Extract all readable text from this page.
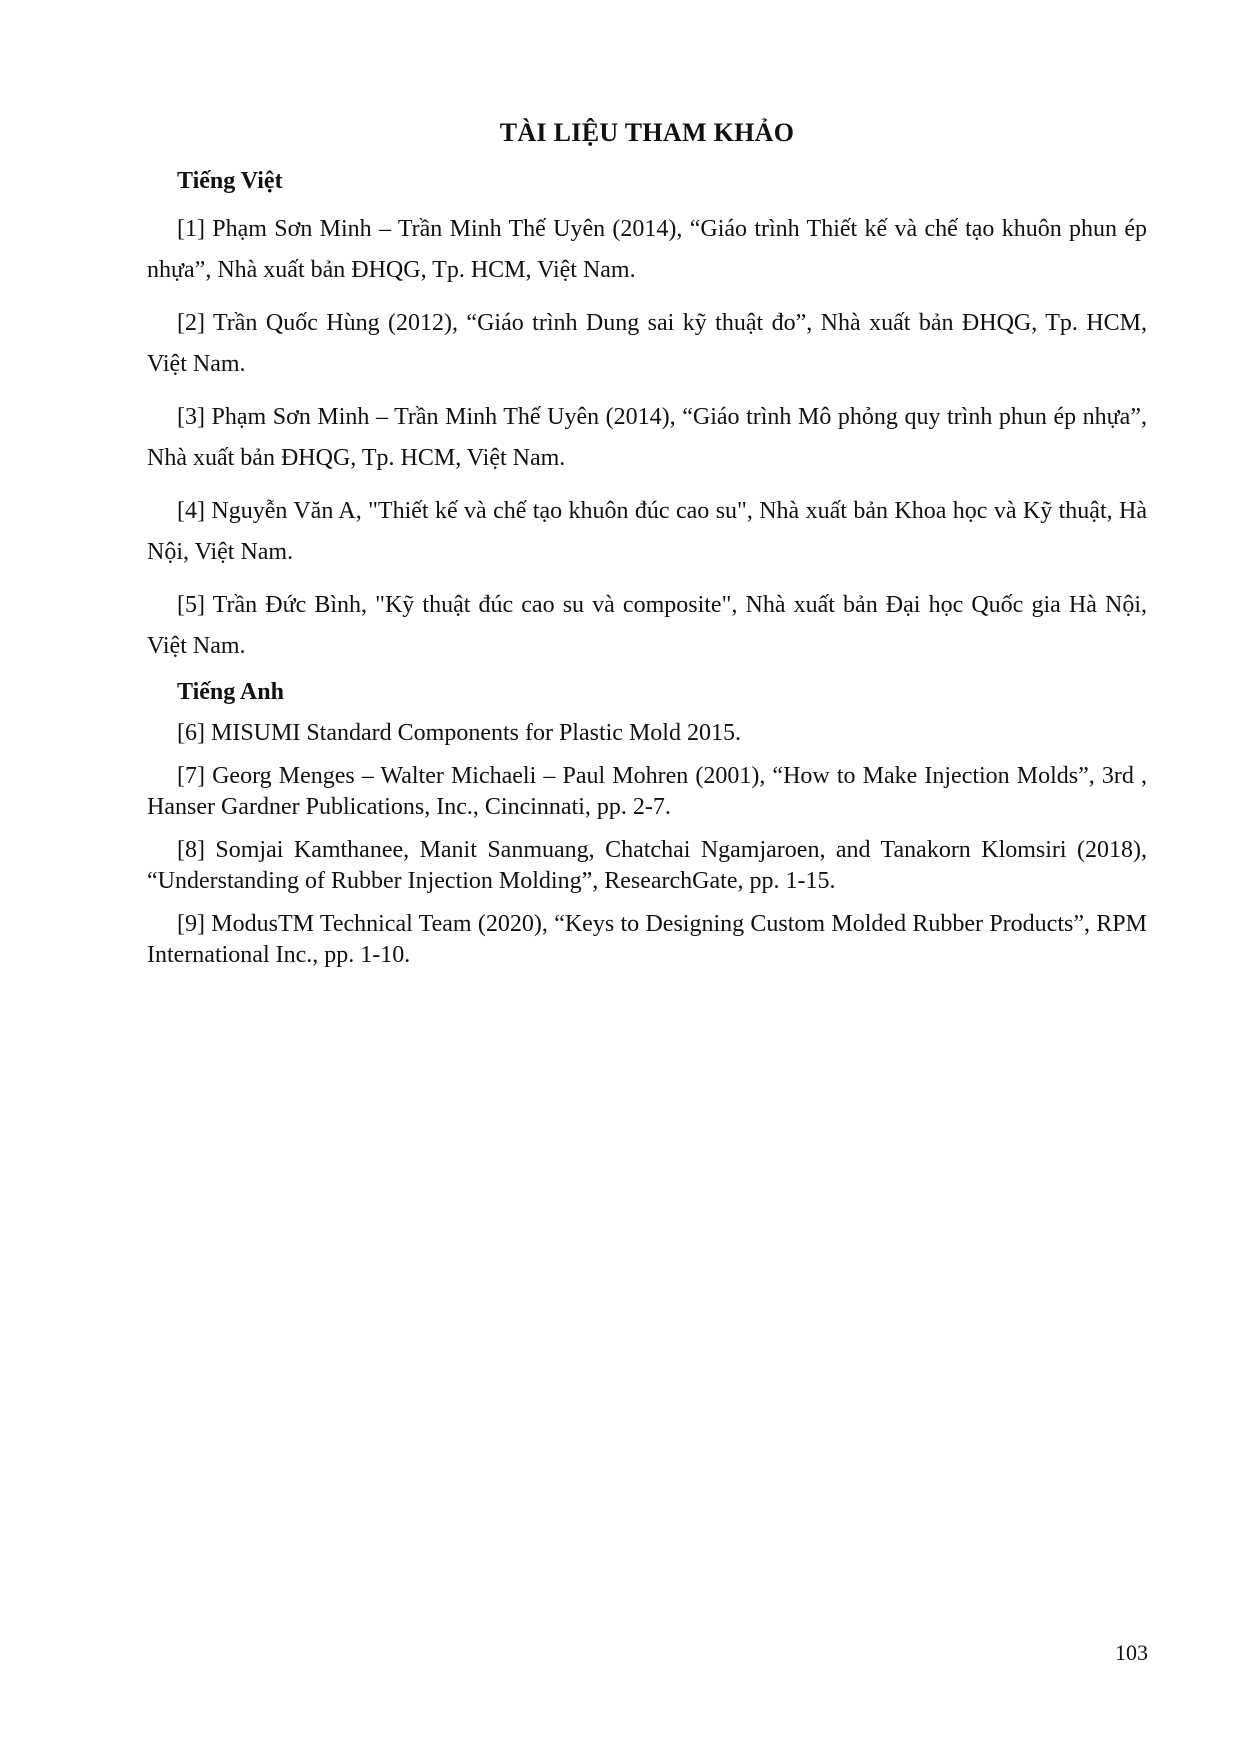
TÀI LIỆU THAM KHẢO
Tiếng Việt

[1] Phạm Sơn Minh – Trần Minh Thế Uyên (2014), “Giáo trình Thiết kế và chế tạo khuôn phun ép nhựa”, Nhà xuất bản ĐHQG, Tp. HCM, Việt Nam.

[2] Trần Quốc Hùng (2012), “Giáo trình Dung sai kỹ thuật đo”, Nhà xuất bản ĐHQG, Tp. HCM, Việt Nam.

[3] Phạm Sơn Minh – Trần Minh Thế Uyên (2014), “Giáo trình Mô phỏng quy trình phun ép nhựa”, Nhà xuất bản ĐHQG, Tp. HCM, Việt Nam.

[4] Nguyễn Văn A, "Thiết kế và chế tạo khuôn đúc cao su", Nhà xuất bản Khoa học và Kỹ thuật, Hà Nội, Việt Nam.

[5] Trần Đức Bình, "Kỹ thuật đúc cao su và composite", Nhà xuất bản Đại học Quốc gia Hà Nội, Việt Nam.

Tiếng Anh

[6] MISUMI Standard Components for Plastic Mold 2015.

[7] Georg Menges – Walter Michaeli – Paul Mohren (2001), “How to Make Injection Molds”, 3rd , Hanser Gardner Publications, Inc., Cincinnati, pp. 2-7.

[8] Somjai Kamthanee, Manit Sanmuang, Chatchai Ngamjaroen, and Tanakorn Klomsiri (2018), “Understanding of Rubber Injection Molding”, ResearchGate, pp. 1-15.

[9] ModusTM Technical Team (2020), “Keys to Designing Custom Molded Rubber Products”, RPM International Inc., pp. 1-10.

103
